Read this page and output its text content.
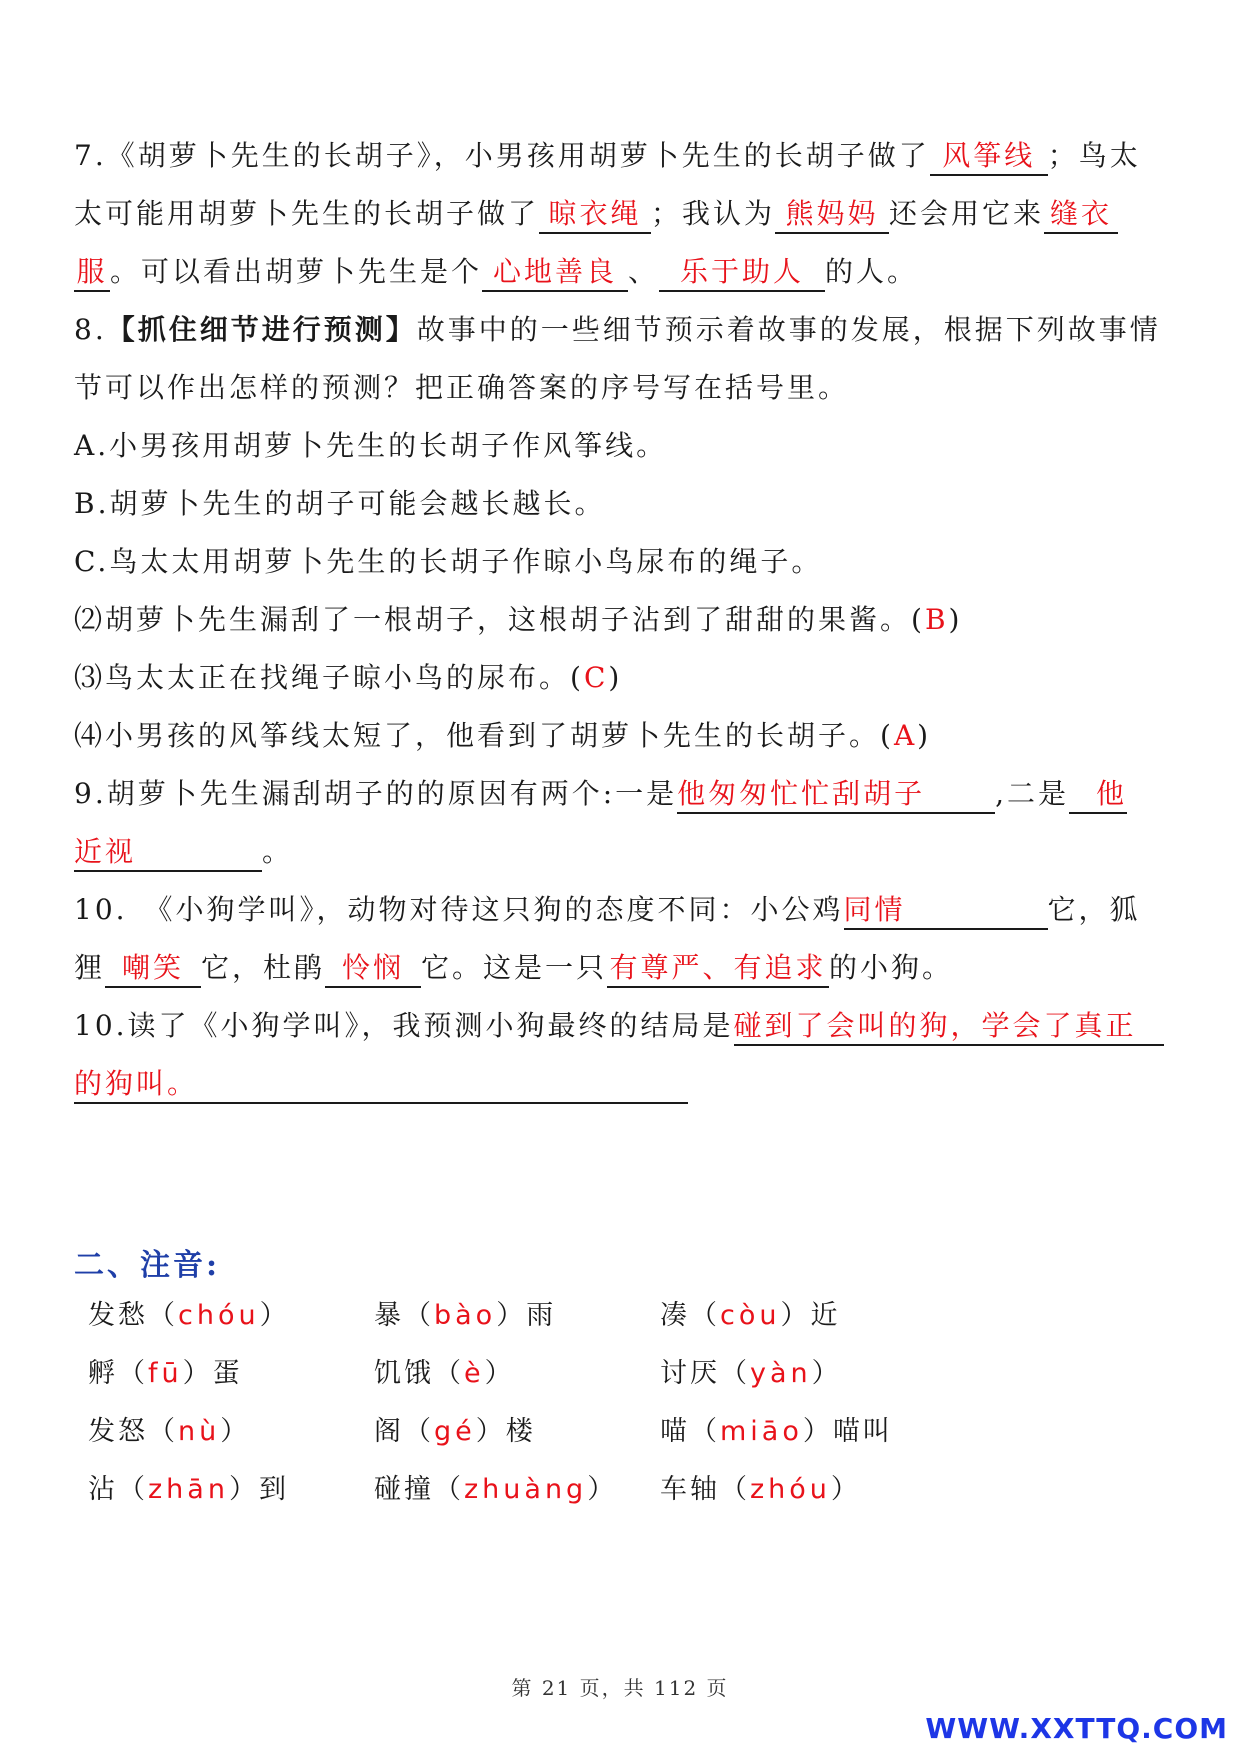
7.《胡萝卜先生的长胡子》，小男孩用胡萝卜先生的长胡子做了 风筝线 ；鸟太
太可能用胡萝卜先生的长胡子做了 晾衣绳 ；我认为 熊妈妈 还会用它来 缝衣
服。可以看出胡萝卜先生是个 心地善良 、 乐于助人 的人。
8.【抓住细节进行预测】故事中的一些细节预示着故事的发展，根据下列故事情
节可以作出怎样的预测？把正确答案的序号写在括号里。
A.小男孩用胡萝卜先生的长胡子作风筝线。
B.胡萝卜先生的胡子可能会越长越长。
C.鸟太太用胡萝卜先生的长胡子作晾小鸟尿布的绳子。
⑵胡萝卜先生漏刮了一根胡子，这根胡子沾到了甜甜的果酱。(B)
⑶鸟太太正在找绳子晾小鸟的尿布。(C)
⑷小男孩的风筝线太短了，他看到了胡萝卜先生的长胡子。(A)
9.胡萝卜先生漏刮胡子的的原因有两个:一是他匆匆忙忙刮胡子 ,二是 他
近视	。
10.　《小狗学叫》，动物对待这只狗的态度不同：小公鸡同情	它，狐
狸 嘲笑 它，杜鹃 怜悯 它。这是一只有尊严、有追求的小狗。
10.读了《小狗学叫》，我预测小狗最终的结局是碰到了会叫的狗，学会了真正
的狗叫。
二、注音:
发愁（chóu）	暴（bào）雨	凑（còu）近
孵（fū）蛋	饥饿（è）	讨厌（yàn）
发怒（nù）	阁（gé）楼	喵（miāo）喵叫
沾（zhān）到	碰撞（zhuàng） 车轴（zhóu）
第 21 页，共 112 页
WWW.XXTTQ.COM
